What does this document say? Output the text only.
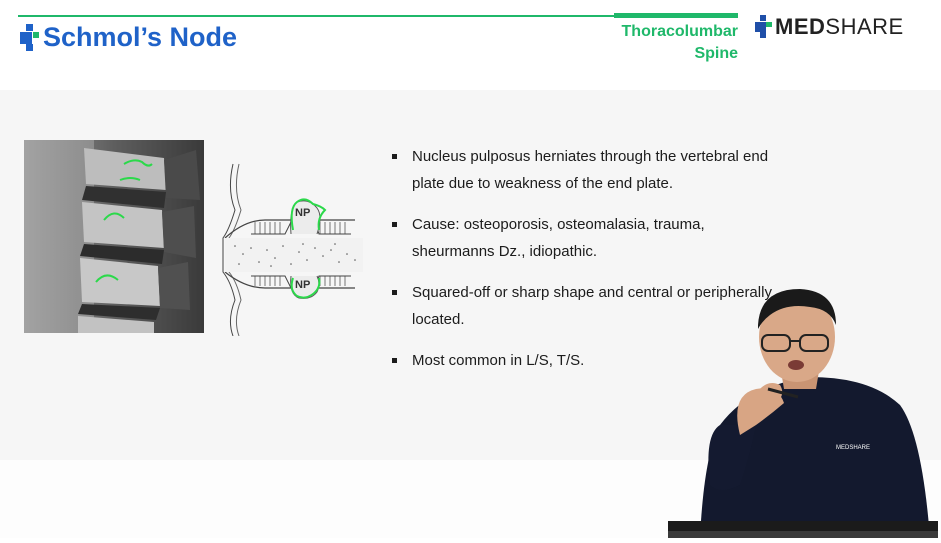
Schmol’s Node	Thoracolumbar
Spine
MEDSHARE
NP
NP
Nucleus pulposus herniates through the vertebral end plate due to weakness of the end plate.
Cause: osteoporosis, osteomalasia, trauma, sheurmanns Dz., idiopathic.
Squared-off or sharp shape and central or peripherally located.
Most common in L/S, T/S.
MEDSHARE
